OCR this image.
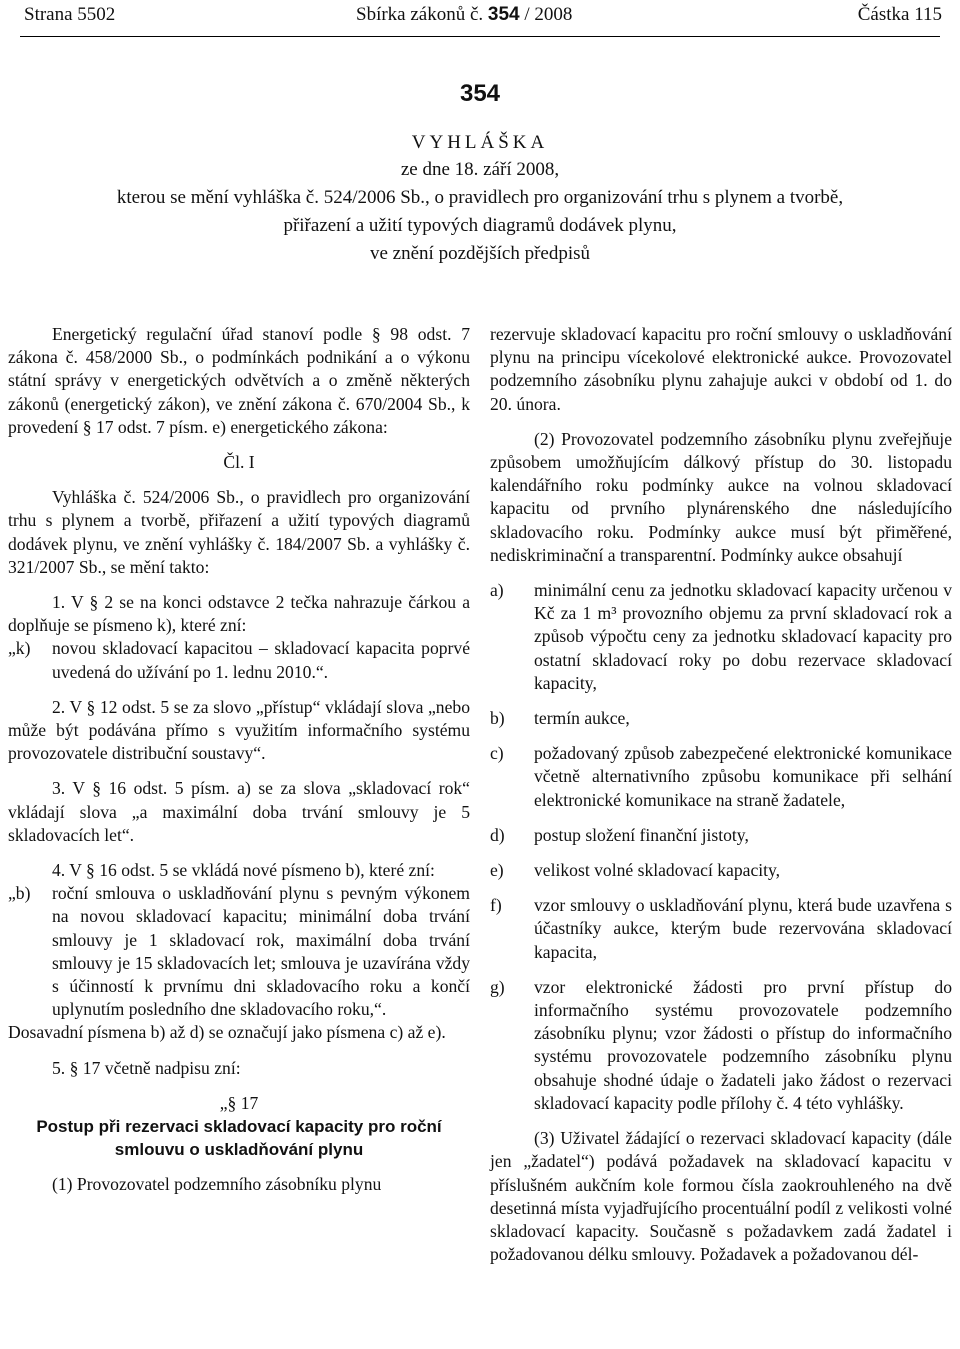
Strana 5502	Sbírka zákonů č. 354 / 2008	Částka 115
354
VYHLÁŠKA
ze dne 18. září 2008,
kterou se mění vyhláška č. 524/2006 Sb., o pravidlech pro organizování trhu s plynem a tvorbě,
přiřazení a užití typových diagramů dodávek plynu,
ve znění pozdějších předpisů

Energetický regulační úřad stanoví podle § 98 odst. 7 zákona č. 458/2000 Sb., o podmínkách podnikání a o výkonu státní správy v energetických odvětvích a o změně některých zákonů (energetický zákon), ve znění zákona č. 670/2004 Sb., k provedení § 17 odst. 7 písm. e) energetického zákona:

Čl. I

Vyhláška č. 524/2006 Sb., o pravidlech pro organizování trhu s plynem a tvorbě, přiřazení a užití typových diagramů dodávek plynu, ve znění vyhlášky č. 184/2007 Sb. a vyhlášky č. 321/2007 Sb., se mění takto:

1. V § 2 se na konci odstavce 2 tečka nahrazuje čárkou a doplňuje se písmeno k), které zní:

„k) novou skladovací kapacitou – skladovací kapacita poprvé uvedená do užívání po 1. lednu 2010.“.

2. V § 12 odst. 5 se za slovo „přístup“ vkládají slova „nebo může být podávána přímo s využitím informačního systému provozovatele distribuční soustavy“.

3. V § 16 odst. 5 písm. a) se za slova „skladovací rok“ vkládají slova „a maximální doba trvání smlouvy je 5 skladovacích let“.

4. V § 16 odst. 5 se vkládá nové písmeno b), které zní:

„b) roční smlouva o uskladňování plynu s pevným výkonem na novou skladovací kapacitu; minimální doba trvání smlouvy je 1 skladovací rok, maximální doba trvání smlouvy je 15 skladovacích let; smlouva je uzavírána vždy s účinností k prvnímu dni skladovacího roku a končí uplynutím posledního dne skladovacího roku,“.

Dosavadní písmena b) až d) se označují jako písmena c) až e).

5. § 17 včetně nadpisu zní:

„§ 17

Postup při rezervaci skladovací kapacity pro roční smlouvu o uskladňování plynu

(1) Provozovatel podzemního zásobníku plynu

rezervuje skladovací kapacitu pro roční smlouvy o uskladňování plynu na principu vícekolové elektronické aukce. Provozovatel podzemního zásobníku plynu zahajuje aukci v období od 1. do 20. února.

(2) Provozovatel podzemního zásobníku plynu zveřejňuje způsobem umožňujícím dálkový přístup do 30. listopadu kalendářního roku podmínky aukce na volnou skladovací kapacitu od prvního plynárenského dne následujícího skladovacího roku. Podmínky aukce musí být přiměřené, nediskriminační a transparentní. Podmínky aukce obsahují

a) minimální cenu za jednotku skladovací kapacity určenou v Kč za 1 m³ provozního objemu za první skladovací rok a způsob výpočtu ceny za jednotku skladovací kapacity pro ostatní skladovací roky po dobu rezervace skladovací kapacity,
b) termín aukce,
c) požadovaný způsob zabezpečené elektronické komunikace včetně alternativního způsobu komunikace při selhání elektronické komunikace na straně žadatele,
d) postup složení finanční jistoty,
e) velikost volné skladovací kapacity,
f) vzor smlouvy o uskladňování plynu, která bude uzavřena s účastníky aukce, kterým bude rezervována skladovací kapacita,
g) vzor elektronické žádosti pro první přístup do informačního systému provozovatele podzemního zásobníku plynu; vzor žádosti o přístup do informačního systému provozovatele podzemního zásobníku plynu obsahuje shodné údaje o žadateli jako žádost o rezervaci skladovací kapacity podle přílohy č. 4 této vyhlášky.

(3) Uživatel žádající o rezervaci skladovací kapacity (dále jen „žadatel“) podává požadavek na skladovací kapacitu v příslušném aukčním kole formou čísla zaokrouhleného na dvě desetinná místa vyjadřujícího procentuální podíl z velikosti volné skladovací kapacity. Současně s požadavkem zadá žadatel i požadovanou délku smlouvy. Požadavek a požadovanou dél-
